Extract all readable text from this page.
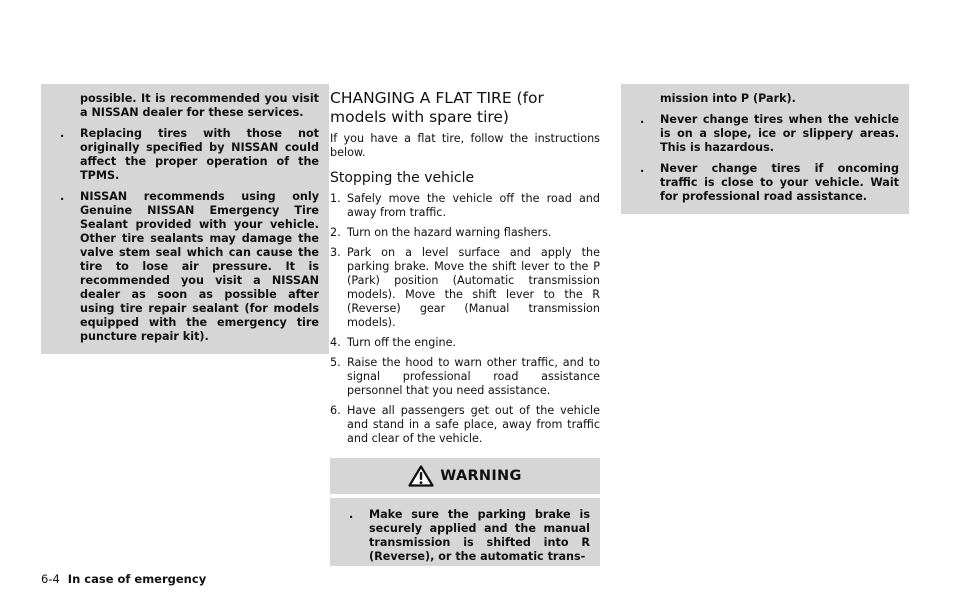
possible. It is recommended you visit a NISSAN dealer for these services.
. Replacing tires with those not originally specified by NISSAN could affect the proper operation of the TPMS.
. NISSAN recommends using only Genuine NISSAN Emergency Tire Sealant provided with your vehicle. Other tire sealants may damage the valve stem seal which can cause the tire to lose air pressure. It is recommended you visit a NISSAN dealer as soon as possible after using tire repair sealant (for models equipped with the emergency tire puncture repair kit).
CHANGING A FLAT TIRE (for models with spare tire)
If you have a flat tire, follow the instructions below.
Stopping the vehicle
1. Safely move the vehicle off the road and away from traffic.
2. Turn on the hazard warning flashers.
3. Park on a level surface and apply the parking brake. Move the shift lever to the P (Park) position (Automatic transmission models). Move the shift lever to the R (Reverse) gear (Manual transmission models).
4. Turn off the engine.
5. Raise the hood to warn other traffic, and to signal professional road assistance personnel that you need assistance.
6. Have all passengers get out of the vehicle and stand in a safe place, away from traffic and clear of the vehicle.
WARNING
. Make sure the parking brake is securely applied and the manual transmission is shifted into R (Reverse), or the automatic trans-
mission into P (Park).
. Never change tires when the vehicle is on a slope, ice or slippery areas. This is hazardous.
. Never change tires if oncoming traffic is close to your vehicle. Wait for professional road assistance.
6-4 In case of emergency
